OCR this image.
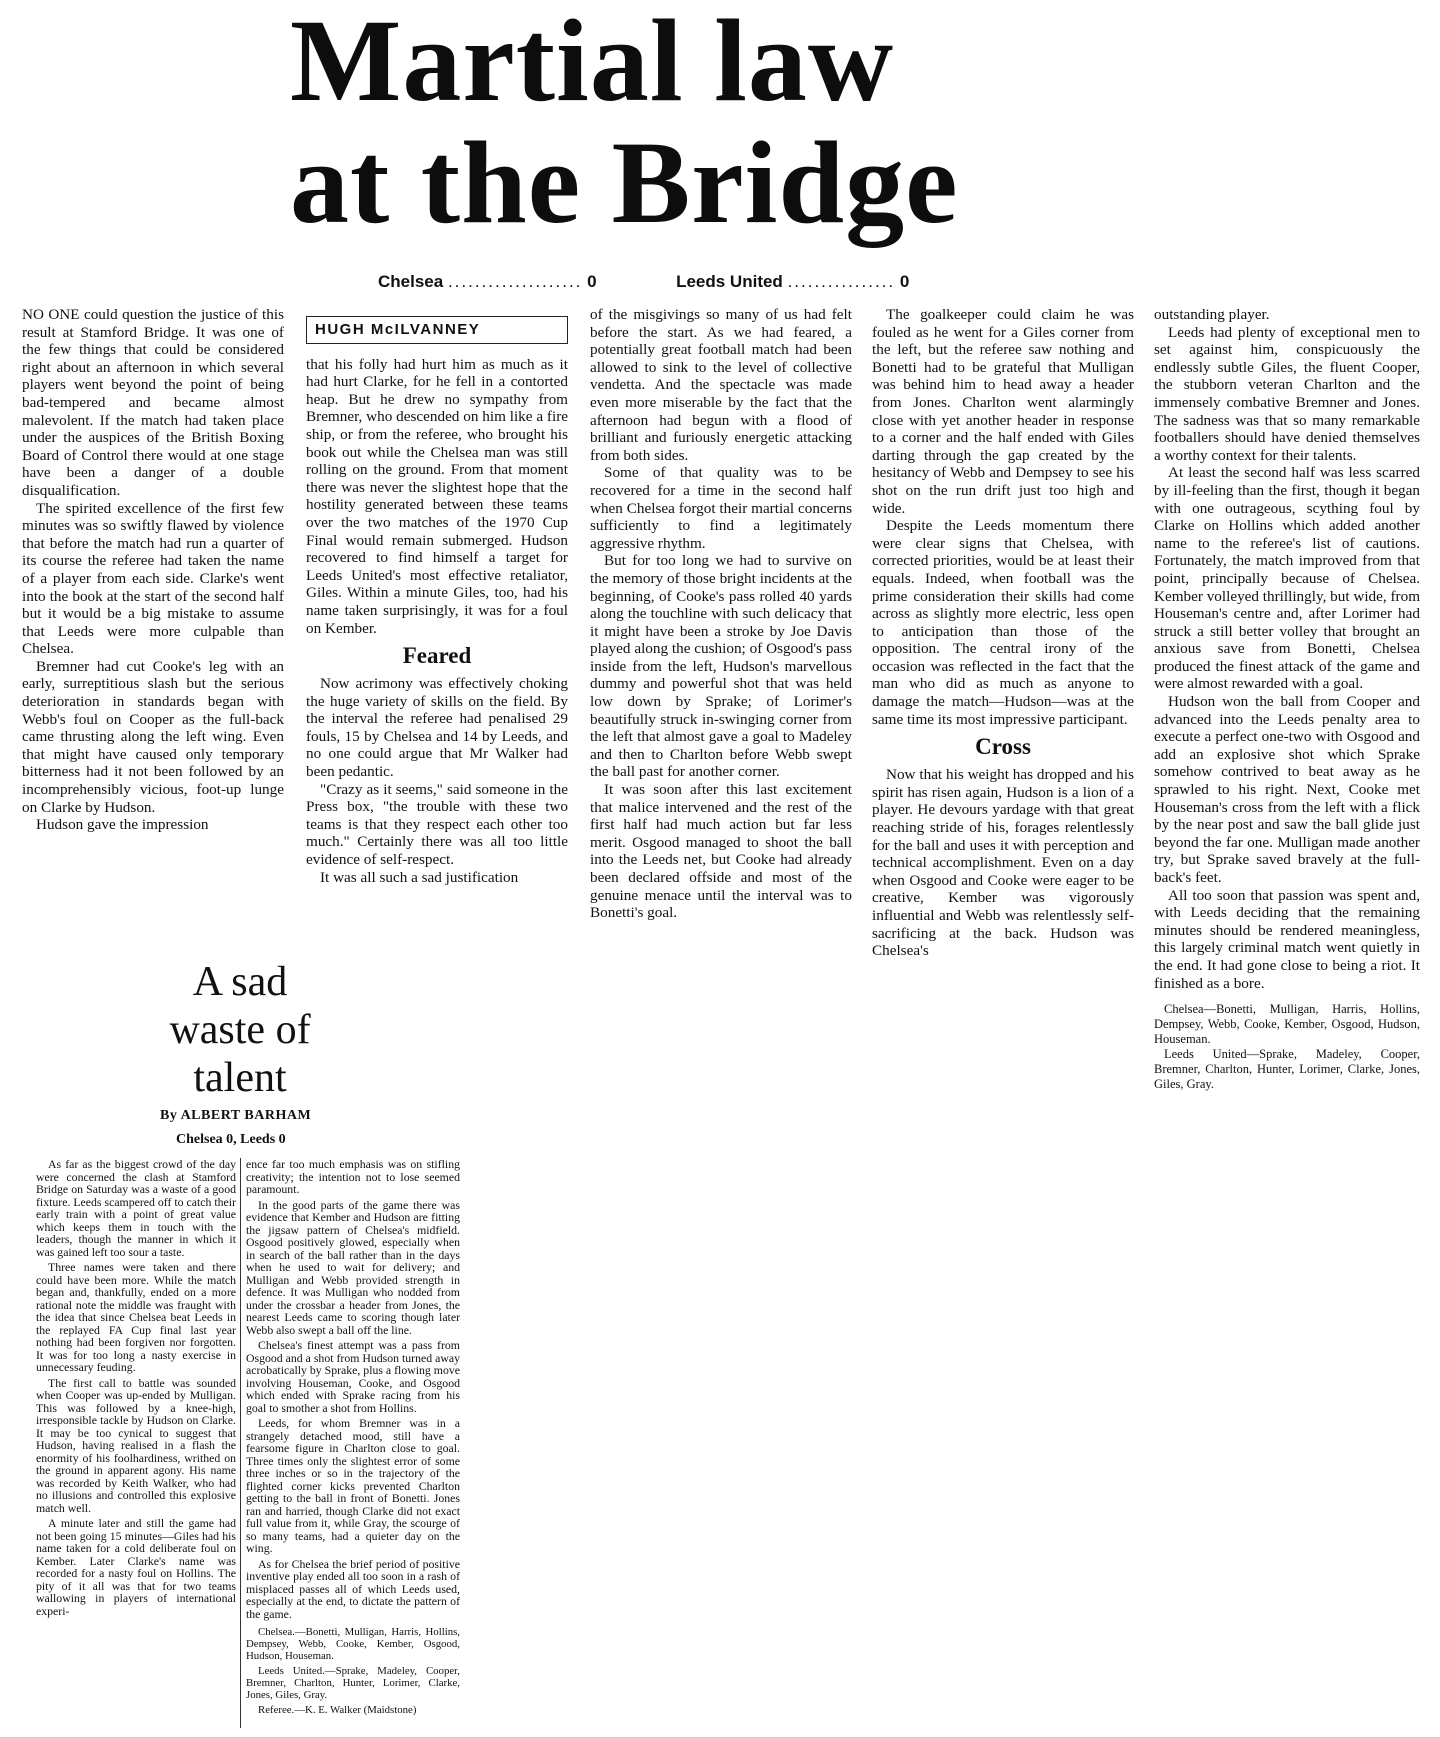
Martial law
at the Bridge
Chelsea .................... 0	Leeds United ................ 0

NO ONE could question the justice of this result at Stamford Bridge. It was one of the few things that could be considered right about an afternoon in which several players went beyond the point of being bad-tempered and became almost malevolent. If the match had taken place under the auspices of the British Boxing Board of Control there would at one stage have been a danger of a double disqualification.

The spirited excellence of the first few minutes was so swiftly flawed by violence that before the match had run a quarter of its course the referee had taken the name of a player from each side. Clarke's went into the book at the start of the second half but it would be a big mistake to assume that Leeds were more culpable than Chelsea.

Bremner had cut Cooke's leg with an early, surreptitious slash but the serious deterioration in standards began with Webb's foul on Cooper as the full-back came thrusting along the left wing. Even that might have caused only temporary bitterness had it not been followed by an incomprehensibly vicious, foot-up lunge on Clarke by Hudson.

Hudson gave the impression

HUGH McILVANNEY

that his folly had hurt him as much as it had hurt Clarke, for he fell in a contorted heap. But he drew no sympathy from Bremner, who descended on him like a fire ship, or from the referee, who brought his book out while the Chelsea man was still rolling on the ground. From that moment there was never the slightest hope that the hostility generated between these teams over the two matches of the 1970 Cup Final would remain submerged. Hudson recovered to find himself a target for Leeds United's most effective retaliator, Giles. Within a minute Giles, too, had his name taken surprisingly, it was for a foul on Kember.

Feared

Now acrimony was effectively choking the huge variety of skills on the field. By the interval the referee had penalised 29 fouls, 15 by Chelsea and 14 by Leeds, and no one could argue that Mr Walker had been pedantic.

"Crazy as it seems," said someone in the Press box, "the trouble with these two teams is that they respect each other too much." Certainly there was all too little evidence of self-respect.

It was all such a sad justification

of the misgivings so many of us had felt before the start. As we had feared, a potentially great football match had been allowed to sink to the level of collective vendetta. And the spectacle was made even more miserable by the fact that the afternoon had begun with a flood of brilliant and furiously energetic attacking from both sides.

Some of that quality was to be recovered for a time in the second half when Chelsea forgot their martial concerns sufficiently to find a legitimately aggressive rhythm.

But for too long we had to survive on the memory of those bright incidents at the beginning, of Cooke's pass rolled 40 yards along the touchline with such delicacy that it might have been a stroke by Joe Davis played along the cushion; of Osgood's pass inside from the left, Hudson's marvellous dummy and powerful shot that was held low down by Sprake; of Lorimer's beautifully struck in-swinging corner from the left that almost gave a goal to Madeley and then to Charlton before Webb swept the ball past for another corner.

It was soon after this last excitement that malice intervened and the rest of the first half had much action but far less merit. Osgood managed to shoot the ball into the Leeds net, but Cooke had already been declared offside and most of the genuine menace until the interval was to Bonetti's goal.

The goalkeeper could claim he was fouled as he went for a Giles corner from the left, but the referee saw nothing and Bonetti had to be grateful that Mulligan was behind him to head away a header from Jones. Charlton went alarmingly close with yet another header in response to a corner and the half ended with Giles darting through the gap created by the hesitancy of Webb and Dempsey to see his shot on the run drift just too high and wide.

Despite the Leeds momentum there were clear signs that Chelsea, with corrected priorities, would be at least their equals. Indeed, when football was the prime consideration their skills had come across as slightly more electric, less open to anticipation than those of the opposition. The central irony of the occasion was reflected in the fact that the man who did as much as anyone to damage the match—Hudson—was at the same time its most impressive participant.

Cross

Now that his weight has dropped and his spirit has risen again, Hudson is a lion of a player. He devours yardage with that great reaching stride of his, forages relentlessly for the ball and uses it with perception and technical accomplishment. Even on a day when Osgood and Cooke were eager to be creative, Kember was vigorously influential and Webb was relentlessly self-sacrificing at the back. Hudson was Chelsea's

outstanding player.

Leeds had plenty of exceptional men to set against him, conspicuously the endlessly subtle Giles, the fluent Cooper, the stubborn veteran Charlton and the immensely combative Bremner and Jones. The sadness was that so many remarkable footballers should have denied themselves a worthy context for their talents.

At least the second half was less scarred by ill-feeling than the first, though it began with one outrageous, scything foul by Clarke on Hollins which added another name to the referee's list of cautions. Fortunately, the match improved from that point, principally because of Chelsea. Kember volleyed thrillingly, but wide, from Houseman's centre and, after Lorimer had struck a still better volley that brought an anxious save from Bonetti, Chelsea produced the finest attack of the game and were almost rewarded with a goal.

Hudson won the ball from Cooper and advanced into the Leeds penalty area to execute a perfect one-two with Osgood and add an explosive shot which Sprake somehow contrived to beat away as he sprawled to his right. Next, Cooke met Houseman's cross from the left with a flick by the near post and saw the ball glide just beyond the far one. Mulligan made another try, but Sprake saved bravely at the full-back's feet.

All too soon that passion was spent and, with Leeds deciding that the remaining minutes should be rendered meaningless, this largely criminal match went quietly in the end. It had gone close to being a riot. It finished as a bore.

Chelsea—Bonetti, Mulligan, Harris, Hollins, Dempsey, Webb, Cooke, Kember, Osgood, Hudson, Houseman.

Leeds United—Sprake, Madeley, Cooper, Bremner, Charlton, Hunter, Lorimer, Clarke, Jones, Giles, Gray.

A sad
waste of
talent
By ALBERT BARHAM
Chelsea 0, Leeds 0

As far as the biggest crowd of the day were concerned the clash at Stamford Bridge on Saturday was a waste of a good fixture. Leeds scampered off to catch their early train with a point of great value which keeps them in touch with the leaders, though the manner in which it was gained left too sour a taste.

Three names were taken and there could have been more. While the match began and, thankfully, ended on a more rational note the middle was fraught with the idea that since Chelsea beat Leeds in the replayed FA Cup final last year nothing had been forgiven nor forgotten. It was for too long a nasty exercise in unnecessary feuding.

The first call to battle was sounded when Cooper was up-ended by Mulligan. This was followed by a knee-high, irresponsible tackle by Hudson on Clarke. It may be too cynical to suggest that Hudson, having realised in a flash the enormity of his foolhardiness, writhed on the ground in apparent agony. His name was recorded by Keith Walker, who had no illusions and controlled this explosive match well.

A minute later and still the game had not been going 15 minutes—Giles had his name taken for a cold deliberate foul on Kember. Later Clarke's name was recorded for a nasty foul on Hollins. The pity of it all was that for two teams wallowing in players of international experi-

ence far too much emphasis was on stifling creativity; the intention not to lose seemed paramount.

In the good parts of the game there was evidence that Kember and Hudson are fitting the jigsaw pattern of Chelsea's midfield. Osgood positively glowed, especially when in search of the ball rather than in the days when he used to wait for delivery; and Mulligan and Webb provided strength in defence. It was Mulligan who nodded from under the crossbar a header from Jones, the nearest Leeds came to scoring though later Webb also swept a ball off the line.

Chelsea's finest attempt was a pass from Osgood and a shot from Hudson turned away acrobatically by Sprake, plus a flowing move involving Houseman, Cooke, and Osgood which ended with Sprake racing from his goal to smother a shot from Hollins.

Leeds, for whom Bremner was in a strangely detached mood, still have a fearsome figure in Charlton close to goal. Three times only the slightest error of some three inches or so in the trajectory of the flighted corner kicks prevented Charlton getting to the ball in front of Bonetti. Jones ran and harried, though Clarke did not exact full value from it, while Gray, the scourge of so many teams, had a quieter day on the wing.

As for Chelsea the brief period of positive inventive play ended all too soon in a rash of misplaced passes all of which Leeds used, especially at the end, to dictate the pattern of the game.

Chelsea.—Bonetti, Mulligan, Harris, Hollins, Dempsey, Webb, Cooke, Kember, Osgood, Hudson, Houseman.

Leeds United.—Sprake, Madeley, Cooper, Bremner, Charlton, Hunter, Lorimer, Clarke, Jones, Giles, Gray.

Referee.—K. E. Walker (Maidstone)
